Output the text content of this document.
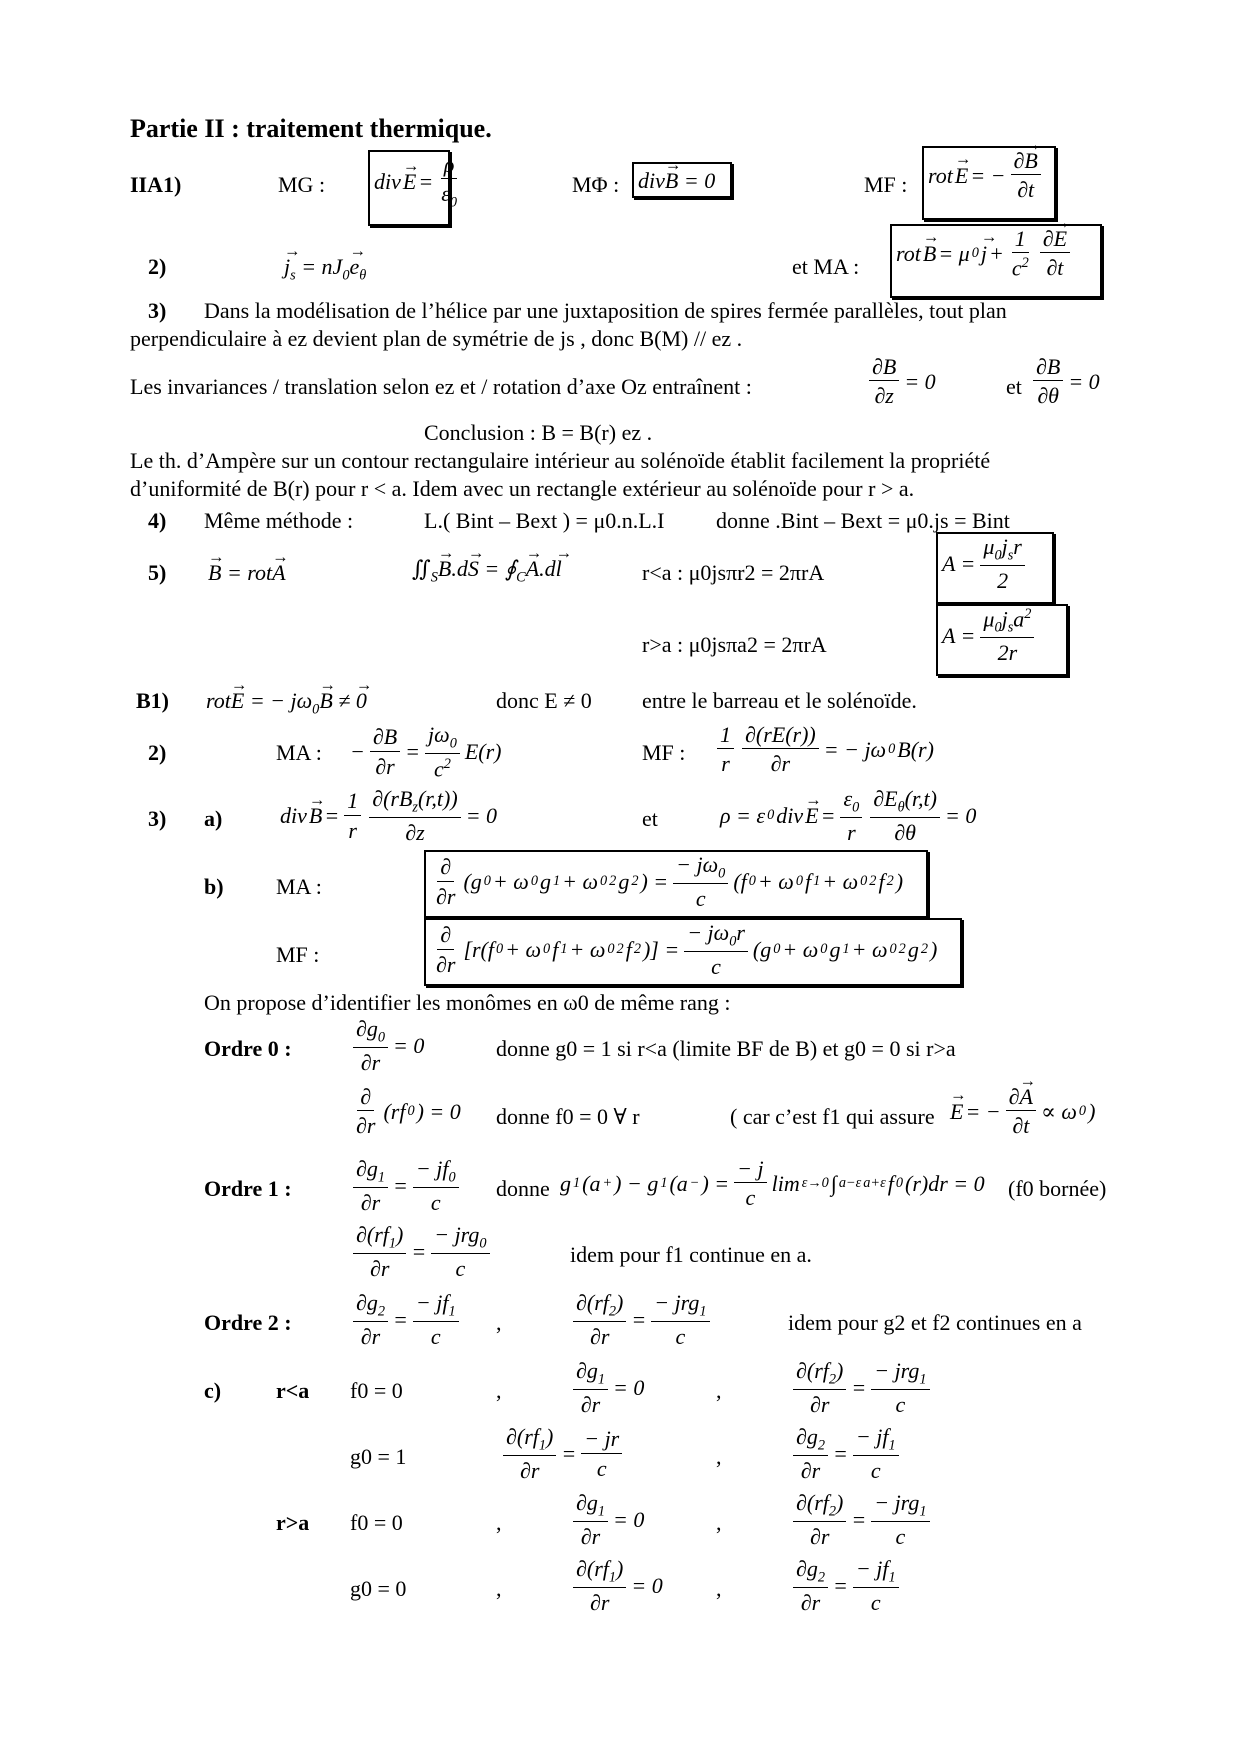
Partie II : traitement thermique.
IIA1)	MG : div → $E = \frac{\rho}{\varepsilon_0}$	MΦ : div→ B = 0	MF : rot → E = − $\frac{\partial\to B}{\partial t}$
2)	→ $j_s = nJ_0\to e_\theta$	et MA :
rot → B = μ $0 \to j + \frac{1}{c^2} \frac{\partial\to E}{\partial t}$
3) Dans la modélisation de l’hélice par une juxtaposition de spires fermée parallèles, tout plan
perpendiculaire à ez devient plan de symétrie de js , donc B(M) // ez .
Les invariances / translation selon ez et / rotation d’axe Oz entraînent :	$\frac{\partial B}{\partial z} = 0$	et $\frac{\partial B}{\partial\theta} = 0$
Conclusion : B = B(r) ez .
Le th. d’Ampère sur un contour rectangulaire intérieur au solénoïde établit facilement la propriété
d’uniformité de B(r) pour r < a. Idem avec un rectangle extérieur au solénoïde pour r > a.
4) Même méthode :	L.( Bint – Bext ) = μ0.n.L.I donne .Bint – Bext = μ0.js = Bint
5) → B = rot→ A	$∬_S\to B.d\to S$ = $∮_C\to A.d\to l$	r<a : μ0jsπr2 = 2πrA	$A = \frac{\mu_0j_sr}{2}$
r>a : μ0jsπa2 = 2πrA	$A = \frac{\mu_0j_sa^2}{2r}$
B1) rot→ E = − $j\omega_0\to B$ ≠ → 0	donc E ≠ 0 entre le barreau et le solénoïde.
2)	MA : − $\frac{\partial B}{\partial r} = \frac{j\omega_0}{c^2} E(r)$	MF : $\frac{1}{r} \frac{\partial(rE(r))}{\partial r}$ = − jω 0 B(r)
3) a)	div → $B = \frac{1}{r} \frac{\partial(rB_z(r,t))}{\partial z} = 0$	et	ρ = ε 0 div → $E = \frac{\varepsilon_0}{r} \frac{\partial E_\theta(r,t)}{\partial\theta} = 0$
b) MA :	$\frac{\partial}{\partial r} (g$ 0 + ω 0 g 1 + ω 0 2 g 2 ) = $\frac{- j\omega_0}{c} (f$ 0 + ω 0 f 1 + ω 0 2 f 2 )
MF :	$\frac{\partial}{\partial r} [r(f$ 0 + ω 0 f 1 + ω 0 2 f 2 )] = $\frac{- j\omega_0r}{c} (g$ 0 + ω 0 g 1 + ω 0 2 g 2 )
On propose d’identifier les monômes en ω0 de même rang :
Ordre 0 :	$\frac{\partial g_0}{\partial r} = 0$	donne g0 = 1 si r<a (limite BF de B) et g0 = 0 si r>a
$\frac{\partial}{\partial r} (rf$ 0 ) = 0 donne f0 = 0 ∀ r	( car c’est f1 qui assure → E = − $\frac{\partial\to A}{\partial t} \propto \omega$ 0 )
Ordre 1 :	$\frac{\partial g_1}{\partial r} = \frac{- jf_0}{c}$ donne g 1 (a + ) − g 1 (a − ) = $\frac{- j}{c}$ lim ε→0 ∫ a−ε a+ε f 0 (r)dr = 0 (f0 bornée)
$\frac{\partial(rf_1)}{\partial r} = \frac{- jrg_0}{c}$	idem pour f1 continue en a.
Ordre 2 :	$\frac{\partial g_2}{\partial r} = \frac{- jf_1}{c}$ ,	$\frac{\partial(rf_2)}{\partial r} = \frac{- jrg_1}{c}$	idem pour g2 et f2 continues en a
c) r<a f0 = 0	,	$\frac{\partial g_1}{\partial r} = 0$	,	$\frac{\partial(rf_2)}{\partial r} = \frac{- jrg_1}{c}$
g0 = 1	$\frac{\partial(rf_1)}{\partial r} = \frac{- jr}{c}$	,	$\frac{\partial g_2}{\partial r} = \frac{- jf_1}{c}$
r>a f0 = 0	,	$\frac{\partial g_1}{\partial r} = 0$	,	$\frac{\partial(rf_2)}{\partial r} = \frac{- jrg_1}{c}$
g0 = 0	,	$\frac{\partial(rf_1)}{\partial r} = 0$ ,	$\frac{\partial g_2}{\partial r} = \frac{- jf_1}{c}$
